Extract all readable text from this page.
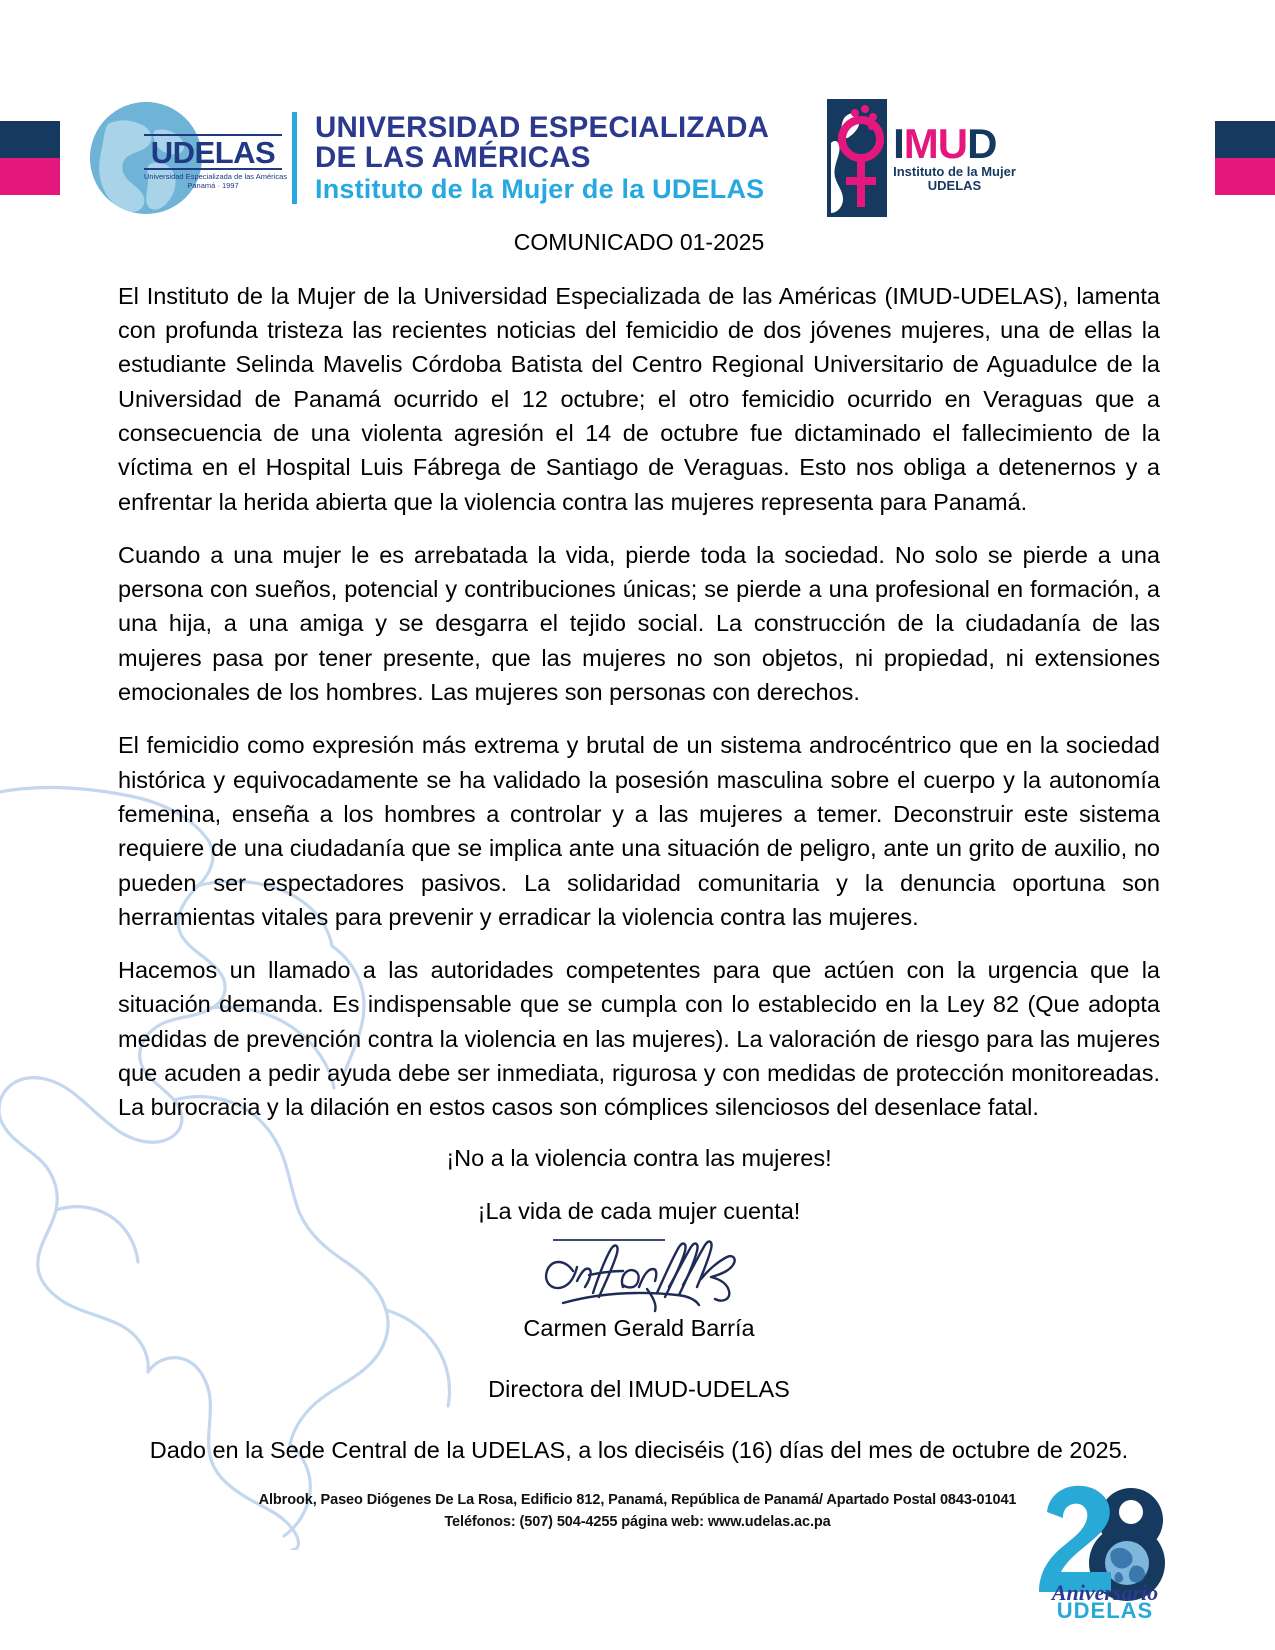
UDELAS
Universidad Especializada de las Américas
Panamá · 1997
UNIVERSIDAD ESPECIALIZADA
DE LAS AMÉRICAS
Instituto de la Mujer de la UDELAS
IMUD
Instituto de la Mujer
UDELAS
COMUNICADO 01-2025

El Instituto de la Mujer de la Universidad Especializada de las Américas (IMUD-UDELAS), lamenta con profunda tristeza las recientes noticias del femicidio de dos jóvenes mujeres, una de ellas la estudiante Selinda Mavelis Córdoba Batista del Centro Regional Universitario de Aguadulce de la Universidad de Panamá ocurrido el 12 octubre; el otro femicidio ocurrido en Veraguas que a consecuencia de una violenta agresión el 14 de octubre fue dictaminado el fallecimiento de la víctima en el Hospital Luis Fábrega de Santiago de Veraguas. Esto nos obliga a detenernos y a enfrentar la herida abierta que la violencia contra las mujeres representa para Panamá.

Cuando a una mujer le es arrebatada la vida, pierde toda la sociedad. No solo se pierde a una persona con sueños, potencial y contribuciones únicas; se pierde a una profesional en formación, a una hija, a una amiga y se desgarra el tejido social. La construcción de la ciudadanía de las mujeres pasa por tener presente, que las mujeres no son objetos, ni propiedad, ni extensiones emocionales de los hombres. Las mujeres son personas con derechos.

El femicidio como expresión más extrema y brutal de un sistema androcéntrico que en la sociedad histórica y equivocadamente se ha validado la posesión masculina sobre el cuerpo y la autonomía femenina, enseña a los hombres a controlar y a las mujeres a temer. Deconstruir este sistema requiere de una ciudadanía que se implica ante una situación de peligro, ante un grito de auxilio, no pueden ser espectadores pasivos. La solidaridad comunitaria y la denuncia oportuna son herramientas vitales para prevenir y erradicar la violencia contra las mujeres.

Hacemos un llamado a las autoridades competentes para que actúen con la urgencia que la situación demanda. Es indispensable que se cumpla con lo establecido en la Ley 82 (Que adopta medidas de prevención contra la violencia en las mujeres). La valoración de riesgo para las mujeres que acuden a pedir ayuda debe ser inmediata, rigurosa y con medidas de protección monitoreadas. La burocracia y la dilación en estos casos son cómplices silenciosos del desenlace fatal.

¡No a la violencia contra las mujeres!
¡La vida de cada mujer cuenta!
Carmen Gerald Barría
Directora del IMUD-UDELAS
Dado en la Sede Central de la UDELAS, a los dieciséis (16) días del mes de octubre de 2025.
Albrook, Paseo Diógenes De La Rosa, Edificio 812, Panamá, República de Panamá/ Apartado Postal 0843-01041
Teléfonos: (507) 504-4255 página web: www.udelas.ac.pa
Aniversario
UDELAS
